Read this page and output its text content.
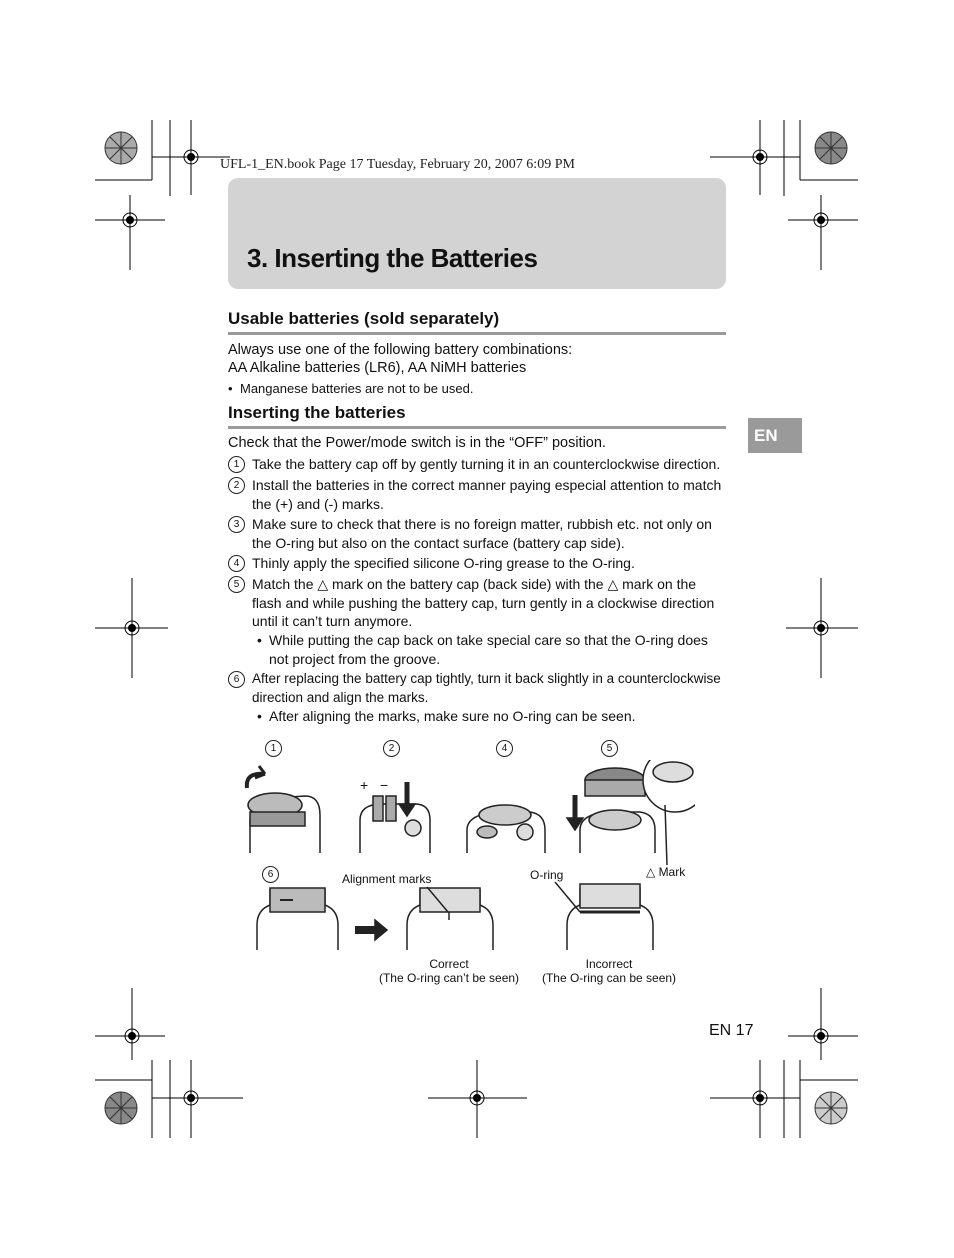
UFL-1_EN.book Page 17 Tuesday, February 20, 2007 6:09 PM
3. Inserting the Batteries
Usable batteries (sold separately)
Always use one of the following battery combinations:
AA Alkaline batteries (LR6), AA NiMH batteries
• Manganese batteries are not to be used.
Inserting the batteries
Check that the Power/mode switch is in the “OFF” position.	EN
1 Take the battery cap off by gently turning it in an counterclockwise direction.
2 Install the batteries in the correct manner paying especial attention to match the (+) and (-) marks.
3 Make sure to check that there is no foreign matter, rubbish etc. not only on the O-ring but also on the contact surface (battery cap side).
4 Thinly apply the specified silicone O-ring grease to the O-ring.
5 Match the △ mark on the battery cap (back side) with the △ mark on the flash and while pushing the battery cap, turn gently in a clockwise direction until it can’t turn anymore.
• While putting the cap back on take special care so that the O-ring does not project from the groove.
6 After replacing the battery cap tightly, turn it back slightly in a counterclockwise direction and align the marks.
• After aligning the marks, make sure no O-ring can be seen.
1	2	4	5
6
+ −
△ Mark
Alignment marks	O-ring
Correct
(The O-ring can’t be seen)
Incorrect
(The O-ring can be seen)
EN 17
